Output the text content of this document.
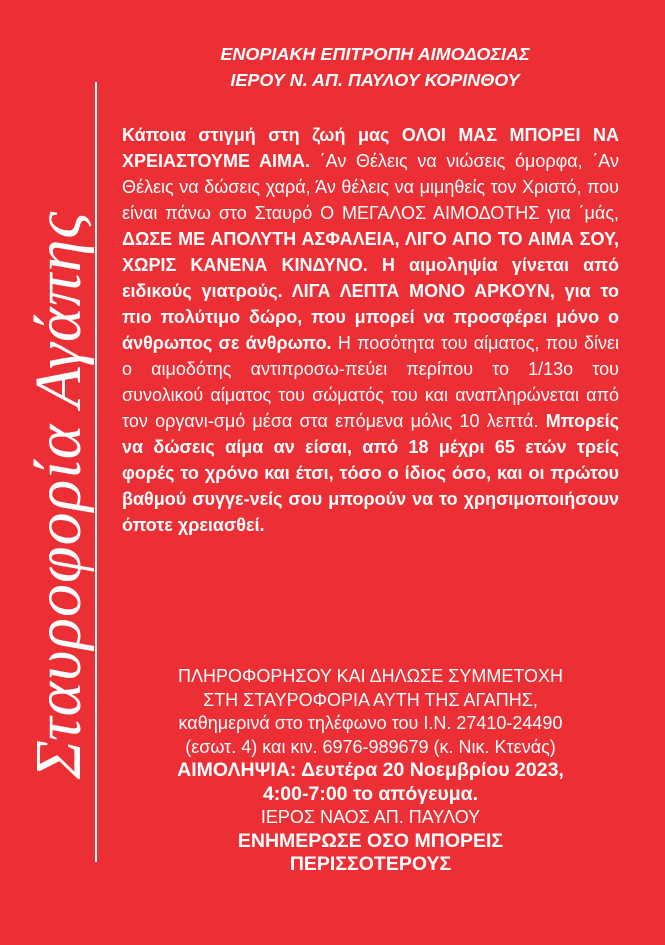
Σταυροφορία Αγάπης
ΕΝΟΡΙΑΚΗ ΕΠΙΤΡΟΠΗ ΑΙΜΟΔΟΣΙΑΣ
ΙΕΡΟΥ Ν. ΑΠ. ΠΑΥΛΟΥ ΚΟΡΙΝΘΟΥ
Κάποια στιγμή στη ζωή μας ΟΛΟΙ ΜΑΣ ΜΠΟΡΕΙ ΝΑ ΧΡΕΙΑΣΤΟΥΜΕ ΑΙΜΑ. ΄Αν Θέλεις να νιώσεις όμορφα, ΄Αν Θέλεις να δώσεις χαρά, Άν θέλεις να μιμηθείς τον Χριστό, που είναι πάνω στο Σταυρό Ο ΜΕΓΑΛΟΣ ΑΙΜΟΔΟΤΗΣ για ΄μάς, ΔΩΣΕ ΜΕ ΑΠΟΛΥΤΗ ΑΣΦΑΛΕΙΑ, ΛΙΓΟ ΑΠΟ ΤΟ ΑΙΜΑ ΣΟΥ, ΧΩΡΙΣ ΚΑΝΕΝΑ ΚΙΝΔΥΝΟ. Η αιμοληψία γίνεται από ειδικούς γιατρούς. ΛΙΓΑ ΛΕΠΤΑ ΜΟΝΟ ΑΡΚΟΥΝ, για το πιο πολύτιμο δώρο, που μπορεί να προσφέρει μόνο ο άνθρωπος σε άνθρωπο. Η ποσότητα του αίματος, που δίνει ο αιμοδότης αντιπροσω-πεύει περίπου το 1/13ο του συνολικού αίματος του σώματός του και αναπληρώνεται από τον οργανι-σμό μέσα στα επόμενα μόλις 10 λεπτά. Μπορείς να δώσεις αίμα αν είσαι, από 18 μέχρι 65 ετών τρείς φορές το χρόνο και έτσι, τόσο ο ίδιος όσο, και οι πρώτου βαθμού συγγε-νείς σου μπορούν να το χρησιμοποιήσουν όποτε χρειασθεί.
ΠΛΗΡΟΦΟΡΗΣΟΥ ΚΑΙ ΔΗΛΩΣΕ ΣΥΜΜΕΤΟΧΗ
ΣΤΗ ΣΤΑΥΡΟΦΟΡΙΑ ΑΥΤΗ ΤΗΣ ΑΓΑΠΗΣ,
καθημερινά στο τηλέφωνο του Ι.Ν. 27410-24490
(εσωτ. 4) και κιν. 6976-989679 (κ. Νικ. Κτενάς)
ΑΙΜΟΛΗΨΙΑ: Δευτέρα 20 Νοεμβρίου 2023,
4:00-7:00 το απόγευμα.
ΙΕΡΟΣ ΝΑΟΣ ΑΠ. ΠΑΥΛΟΥ
ΕΝΗΜΕΡΩΣΕ ΟΣΟ ΜΠΟΡΕΙΣ
ΠΕΡΙΣΣΟΤΕΡΟΥΣ
